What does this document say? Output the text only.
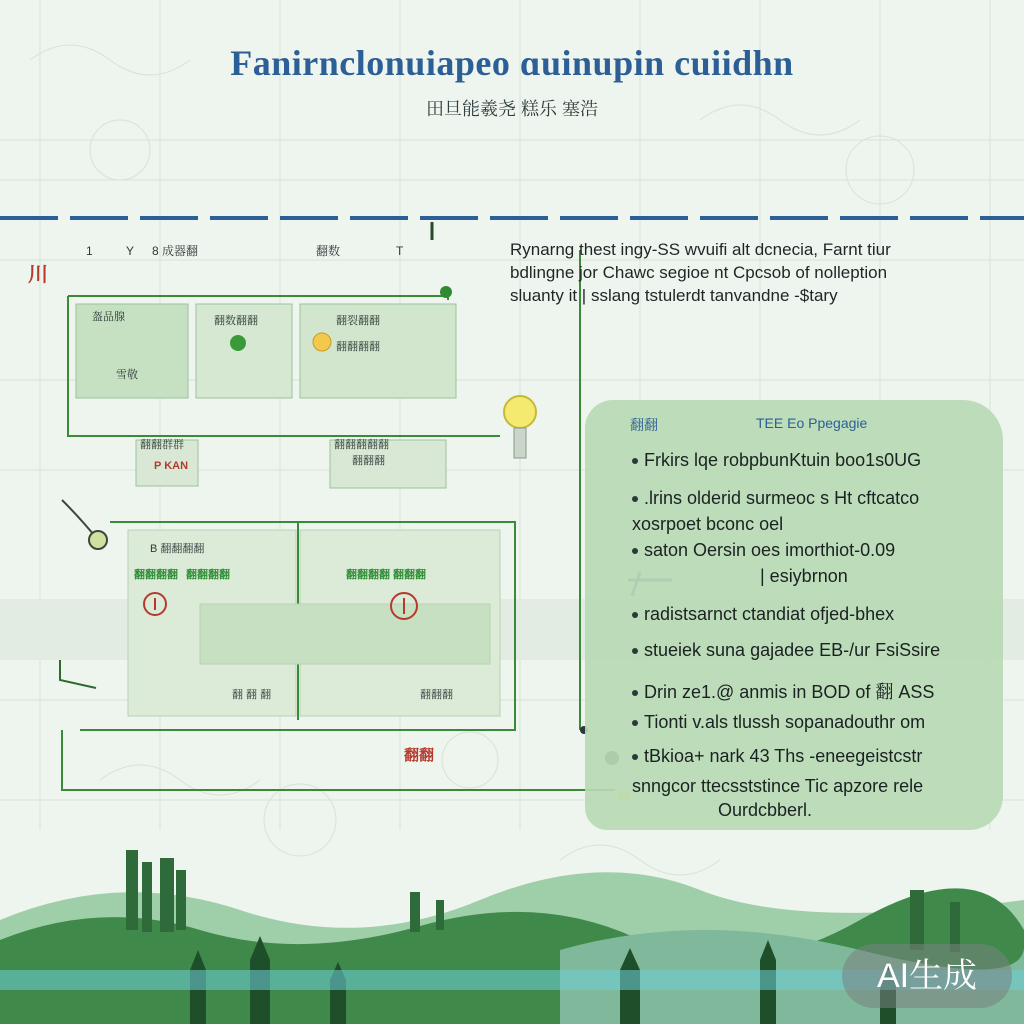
Fanirnclonuiapeo ɑuinupin cuiidhn
田旦能羲尧 糕乐 塞浩
1	Y 8 成器翻	翻数	T
川
盔品腺
雪敬
翻数翻翻	翻裂翻翻
翻翻翻翻
翻翻群群
P KAN
翻翻翻翻翻
翻翻翻
B 翻翻翻翻
翻翻翻翻 翻翻翻翻	翻翻翻翻 翻翻翻
翻 翻 翻	翻翻翻
翻翻
Rynarng thest ingy-SS wvuifi alt dcnecia, Farnt tiur
bdlingne jor Chawc segioe nt Cpcsob of nolleption
sluanty it | sslang tstulerdt tanvandne -$tary
翻翻	TEE Eo Ppegagie
Frkirs lqe robpbunKtuin boo1s0UG
.lrins olderid surmeoc s Ht cftcatco
xosrpoet bconc oel
saton Oersin oes imorthiot-0.09
| esiybrnon
radistsarnct ctandiat ofjed-bhex
stueiek suna gajadee EB-/ur FsiSsire
Drin ze1.@ anmis in BOD of 翻 ASS
Tionti v.als tlussh sopanadouthr om
tBkioa+ nark 43 Ths -eneegeistcstr
snngcor ttecsststince Tic apzore rele
Ourdcbberl.
AI生成
